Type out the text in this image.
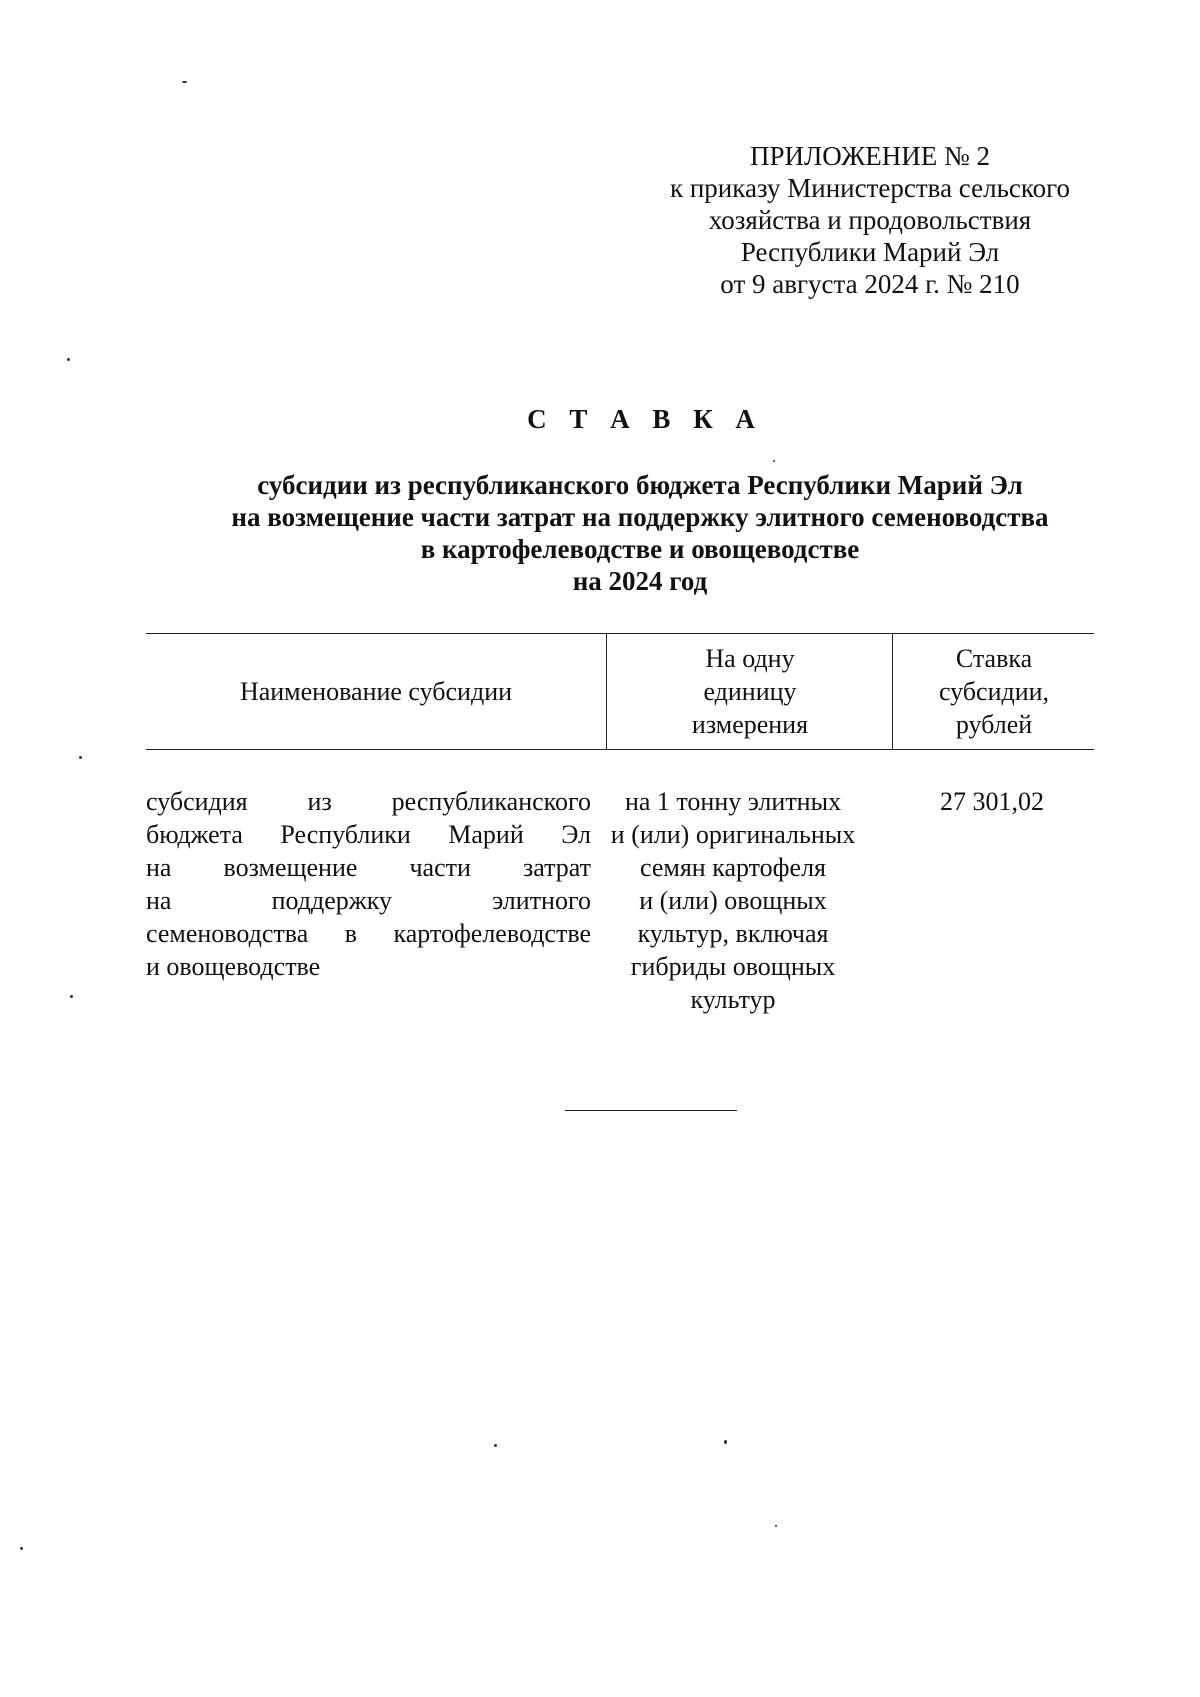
ПРИЛОЖЕНИЕ № 2
к приказу Министерства сельского
хозяйства и продовольствия
Республики Марий Эл
от 9 августа 2024 г. № 210
С Т А В К А
субсидии из республиканского бюджета Республики Марий Эл
на возмещение части затрат на поддержку элитного семеноводства
в картофелеводстве и овощеводстве
на 2024 год
Наименование субсидии
На одну
единицу
измерения
Ставка
субсидии,
рублей
субсидия из республиканского
бюджета Республики Марий Эл
на возмещение части затрат
на	поддержку	элитного
семеноводства в картофелеводстве
и овощеводстве
на 1 тонну элитных
и (или) оригинальных
семян картофеля
и (или) овощных
культур, включая
гибриды овощных
культур
27 301,02
